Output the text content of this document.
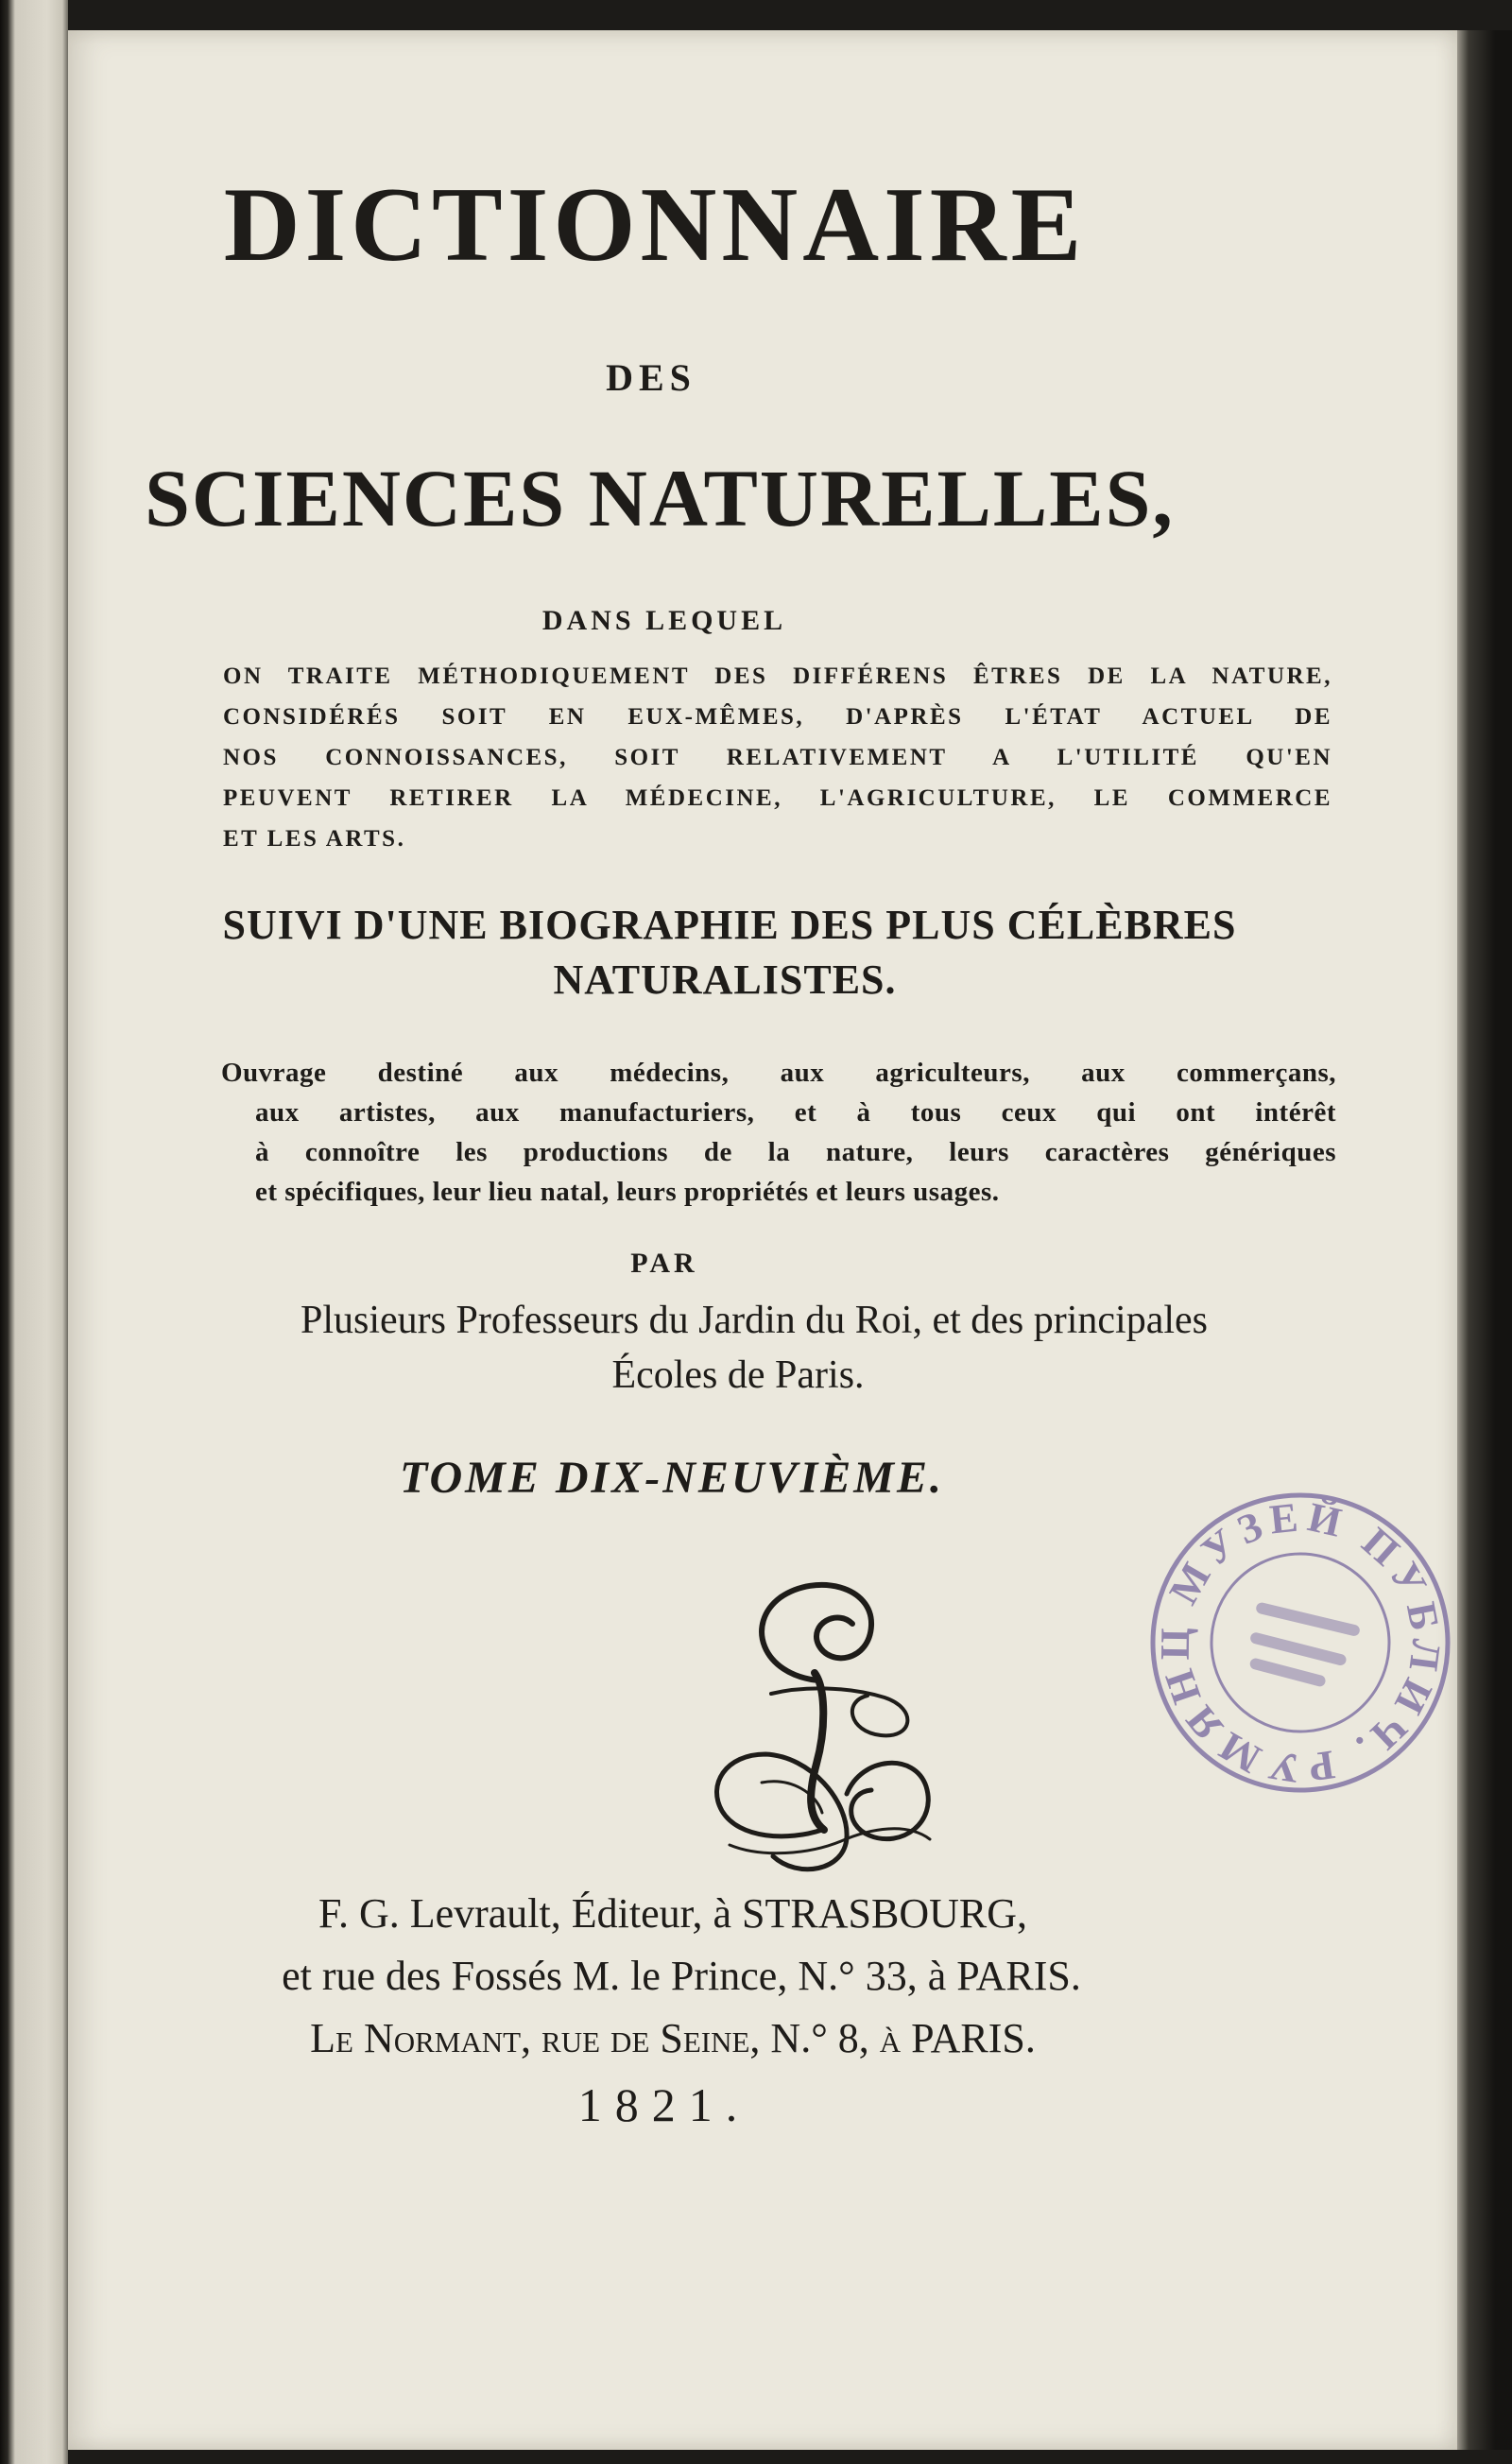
DICTIONNAIRE
DES
SCIENCES NATURELLES,
DANS LEQUEL
ON TRAITE MÉTHODIQUEMENT DES DIFFÉRENS ÊTRES DE LA NATURE,
CONSIDÉRÉS SOIT EN EUX-MÊMES, D'APRÈS L'ÉTAT ACTUEL DE
NOS CONNOISSANCES, SOIT RELATIVEMENT A L'UTILITÉ QU'EN
PEUVENT RETIRER LA MÉDECINE, L'AGRICULTURE, LE COMMERCE
ET LES ARTS.
SUIVI D'UNE BIOGRAPHIE DES PLUS CÉLÈBRES
NATURALISTES.
Ouvrage destiné aux médecins, aux agriculteurs, aux commerçans,
aux artistes, aux manufacturiers, et à tous ceux qui ont intérêt
à connoître les productions de la nature, leurs caractères génériques
et spécifiques, leur lieu natal, leurs propriétés et leurs usages.
PAR
Plusieurs Professeurs du Jardin du Roi, et des principales
Écoles de Paris.
TOME DIX-NEUVIÈME.
МУЗЕЙ ПУБЛИЧ. РУМЯНЦОВ
F. G. Levrault, Éditeur, à STRASBOURG,
et rue des Fossés M. le Prince, N.° 33, à PARIS.
Le Normant, rue de Seine, N.° 8, à PARIS.
1821.
